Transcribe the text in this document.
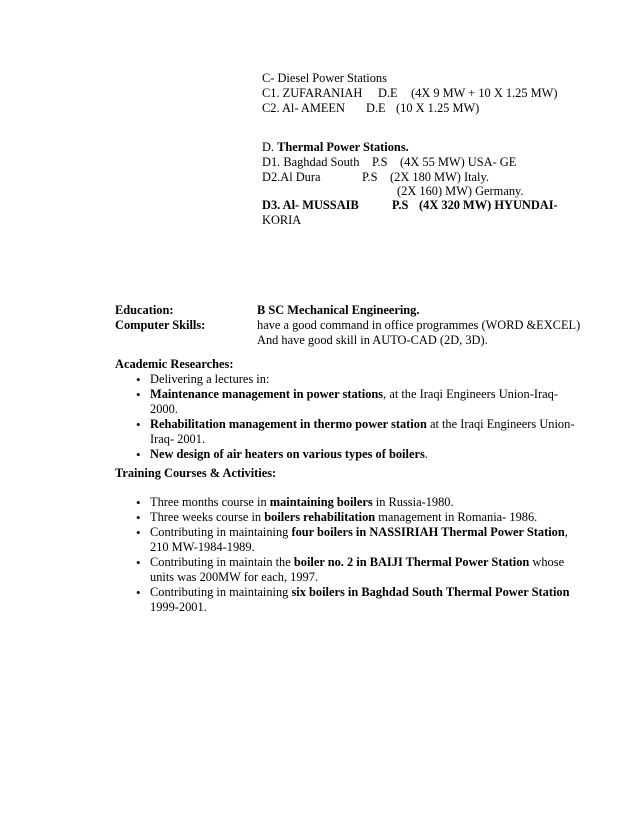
C- Diesel Power Stations
C1. ZUFARANIAH D.E (4X 9 MW + 10 X 1.25 MW)
C2. Al- AMEEN D.E (10 X 1.25 MW)
D. Thermal Power Stations.
D1. Baghdad South P.S (4X 55 MW) USA- GE
D2.Al Dura	P.S (2X 180 MW) Italy.
(2X 160) MW) Germany.
D3. Al- MUSSAIB	P.S (4X 320 MW) HYUNDAI-
KORIA
Education:	B SC Mechanical Engineering.
Computer Skills:	have a good command in office programmes (WORD &EXCEL)
And have good skill in AUTO-CAD (2D, 3D).
Academic Researches:
• Delivering a lectures in:
• Maintenance management in power stations, at the Iraqi Engineers Union-Iraq-
2000.
• Rehabilitation management in thermo power station at the Iraqi Engineers Union-
Iraq- 2001.
• New design of air heaters on various types of boilers.
Training Courses & Activities:
• Three months course in maintaining boilers in Russia-1980.
• Three weeks course in boilers rehabilitation management in Romania- 1986.
• Contributing in maintaining four boilers in NASSIRIAH Thermal Power Station,
210 MW-1984-1989.
• Contributing in maintain the boiler no. 2 in BAIJI Thermal Power Station whose
units was 200MW for each, 1997.
• Contributing in maintaining six boilers in Baghdad South Thermal Power Station
1999-2001.
